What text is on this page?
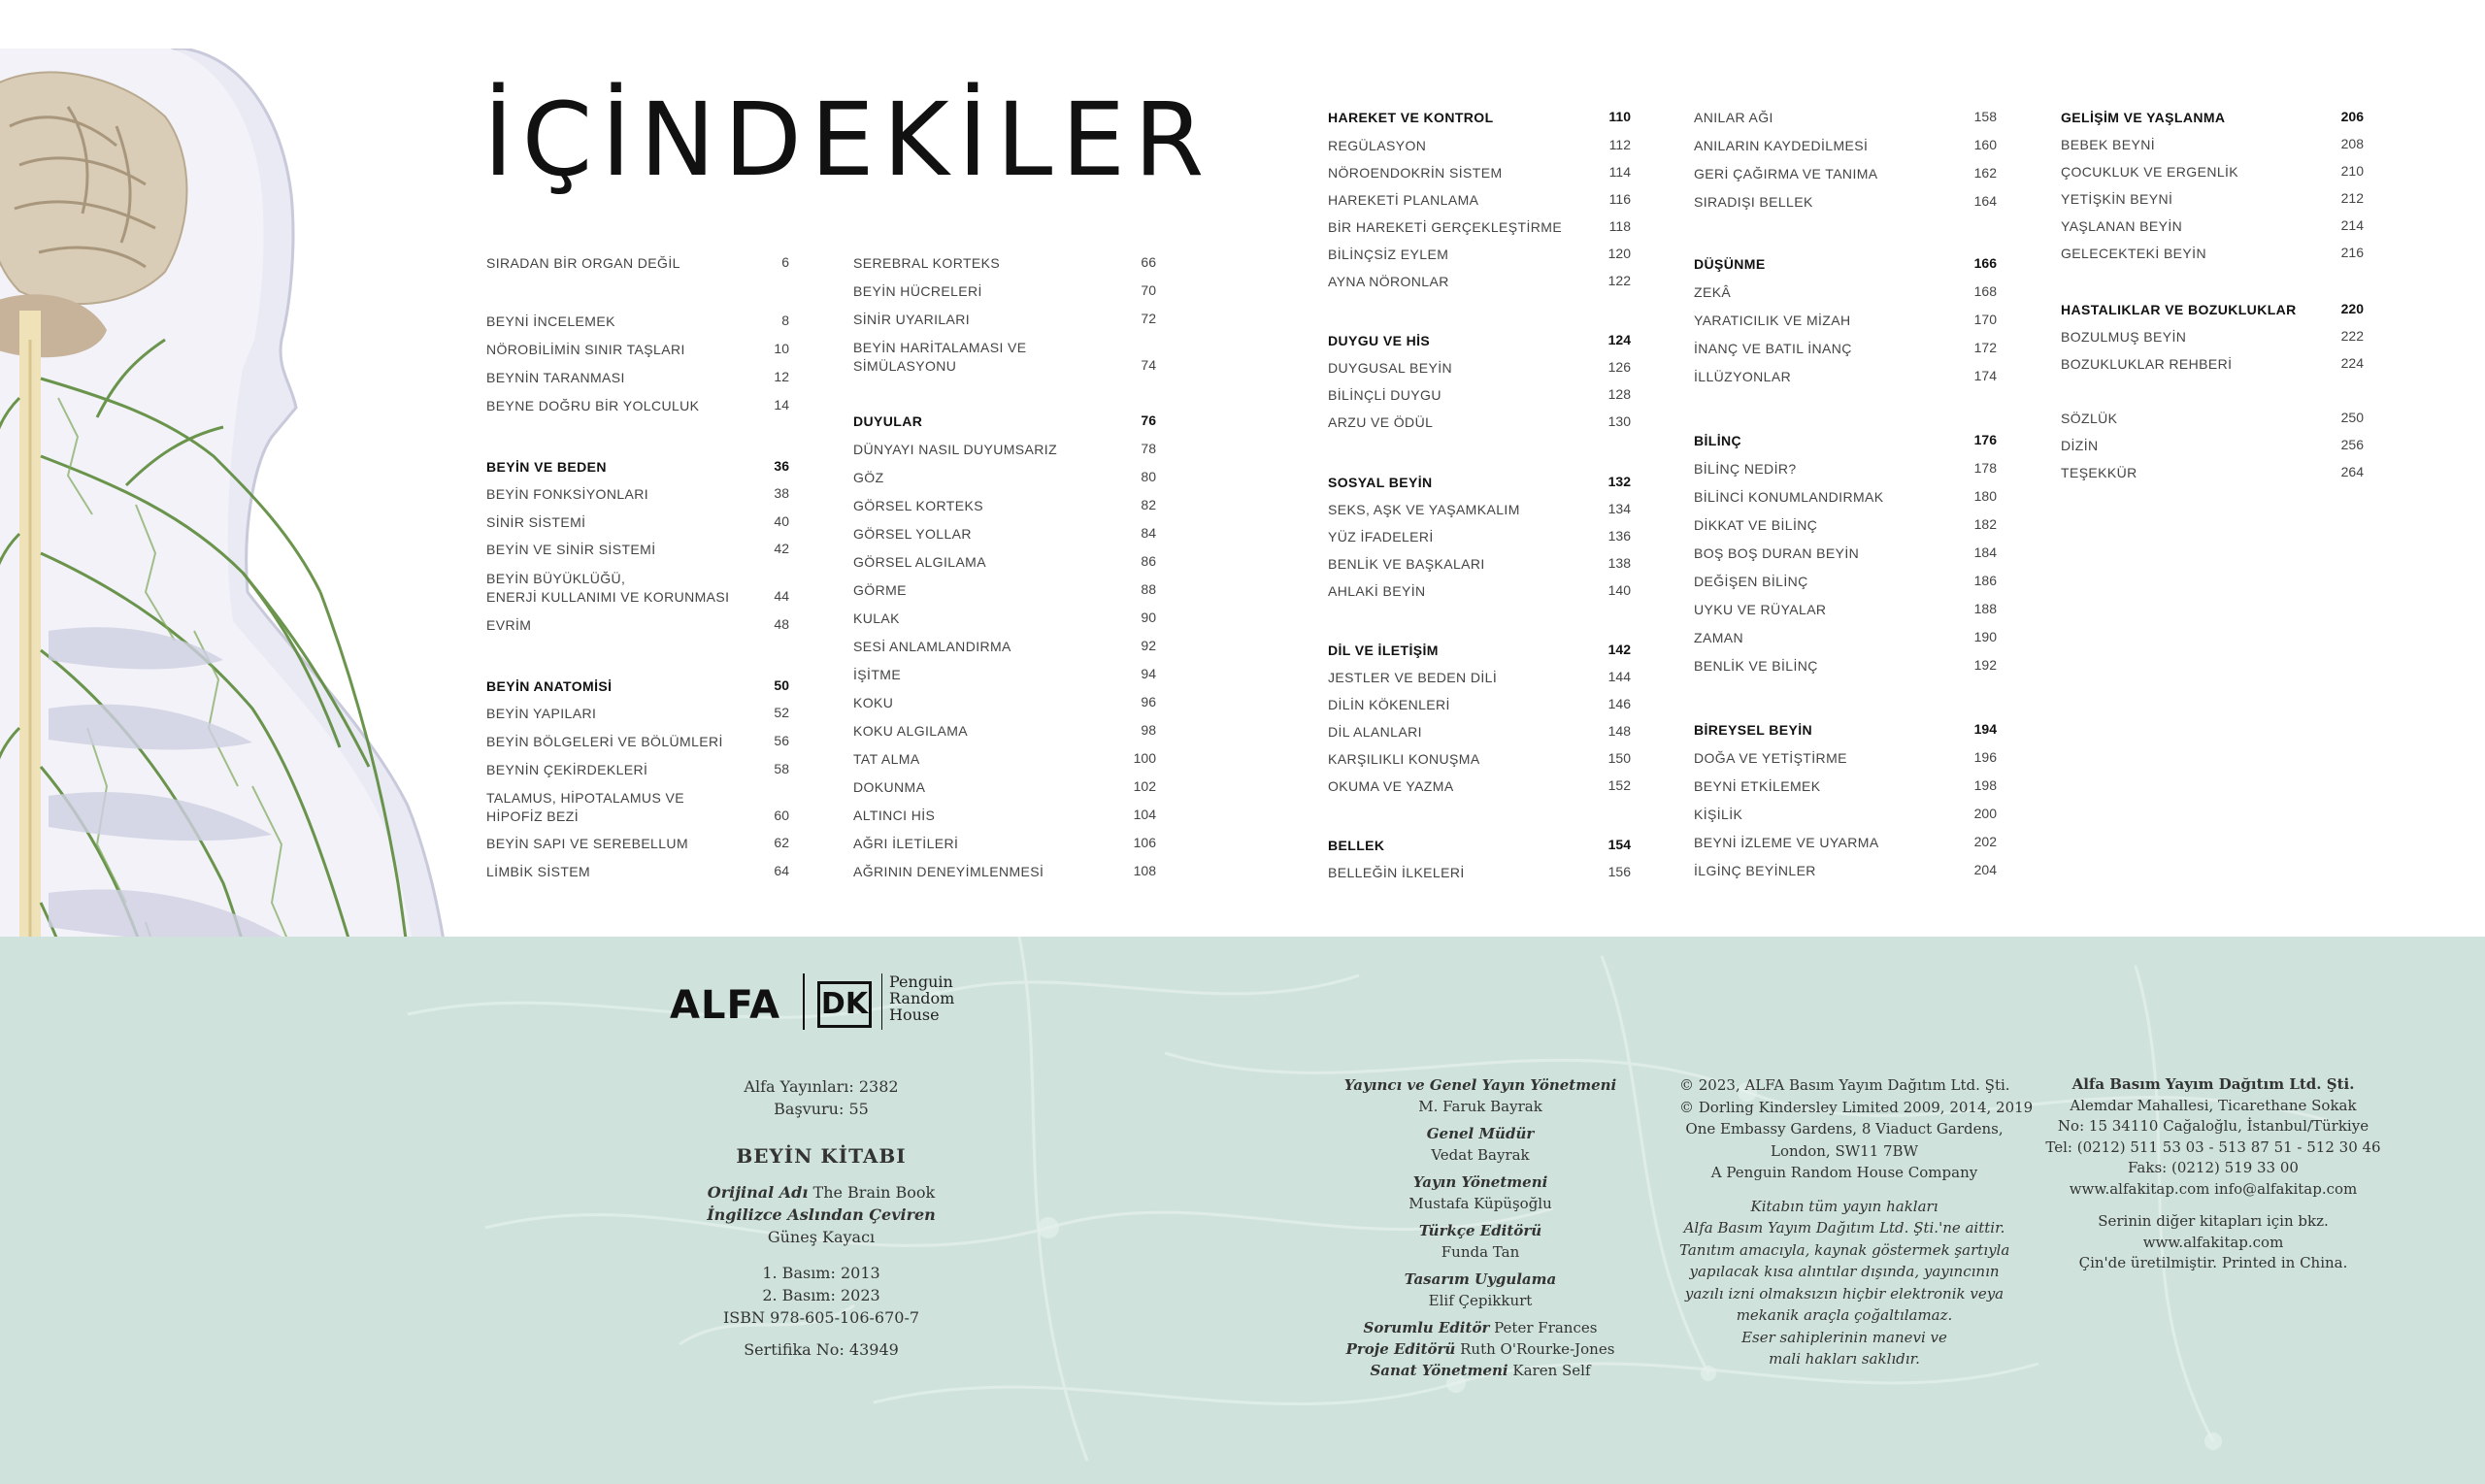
İÇİNDEKİLER
SIRADAN BİR ORGAN DEĞİL	6
BEYNİ İNCELEMEK	8
NÖROBİLİMİN SINIR TAŞLARI	10
BEYNİN TARANMASI	12
BEYNE DOĞRU BİR YOLCULUK	14
BEYİN VE BEDEN	36
BEYİN FONKSİYONLARI	38
SİNİR SİSTEMİ	40
BEYİN VE SİNİR SİSTEMİ	42
BEYİN BÜYÜKLÜĞÜ,
ENERJİ KULLANIMI VE KORUNMASI	44
EVRİM	48
BEYİN ANATOMİSİ	50
BEYİN YAPILARI	52
BEYİN BÖLGELERİ VE BÖLÜMLERİ	56
BEYNİN ÇEKİRDEKLERİ	58
TALAMUS, HİPOTALAMUS VE
HİPOFİZ BEZİ	60
BEYİN SAPI VE SEREBELLUM	62
LİMBİK SİSTEM	64
SEREBRAL KORTEKS	66
BEYİN HÜCRELERİ	70
SİNİR UYARILARI	72
BEYİN HARİTALAMASI VE
SİMÜLASYONU	74
DUYULAR	76
DÜNYAYI NASIL DUYUMSARIZ	78
GÖZ	80
GÖRSEL KORTEKS	82
GÖRSEL YOLLAR	84
GÖRSEL ALGILAMA	86
GÖRME	88
KULAK	90
SESİ ANLAMLANDIRMA	92
İŞİTME	94
KOKU	96
KOKU ALGILAMA	98
TAT ALMA	100
DOKUNMA	102
ALTINCI HİS	104
AĞRI İLETİLERİ	106
AĞRININ DENEYİMLENMESİ	108
HAREKET VE KONTROL	110
REGÜLASYON	112
NÖROENDOKRİN SİSTEM	114
HAREKETİ PLANLAMA	116
BİR HAREKETİ GERÇEKLEŞTİRME	118
BİLİNÇSİZ EYLEM	120
AYNA NÖRONLAR	122
DUYGU VE HİS	124
DUYGUSAL BEYİN	126
BİLİNÇLİ DUYGU	128
ARZU VE ÖDÜL	130
SOSYAL BEYİN	132
SEKS, AŞK VE YAŞAMKALIM	134
YÜZ İFADELERİ	136
BENLİK VE BAŞKALARI	138
AHLAKİ BEYİN	140
DİL VE İLETİŞİM	142
JESTLER VE BEDEN DİLİ	144
DİLİN KÖKENLERİ	146
DİL ALANLARI	148
KARŞILIKLI KONUŞMA	150
OKUMA VE YAZMA	152
BELLEK	154
BELLEĞİN İLKELERİ	156
ANILAR AĞI	158
ANILARIN KAYDEDİLMESİ	160
GERİ ÇAĞIRMA VE TANIMA	162
SIRADIŞI BELLEK	164
DÜŞÜNME	166
ZEKÂ	168
YARATICILIK VE MİZAH	170
İNANÇ VE BATIL İNANÇ	172
İLLÜZYONLAR	174
BİLİNÇ	176
BİLİNÇ NEDİR?	178
BİLİNCİ KONUMLANDIRMAK	180
DİKKAT VE BİLİNÇ	182
BOŞ BOŞ DURAN BEYİN	184
DEĞİŞEN BİLİNÇ	186
UYKU VE RÜYALAR	188
ZAMAN	190
BENLİK VE BİLİNÇ	192
BİREYSEL BEYİN	194
DOĞA VE YETİŞTİRME	196
BEYNİ ETKİLEMEK	198
KİŞİLİK	200
BEYNİ İZLEME VE UYARMA	202
İLGİNÇ BEYİNLER	204
GELİŞİM VE YAŞLANMA	206
BEBEK BEYNİ	208
ÇOCUKLUK VE ERGENLİK	210
YETİŞKİN BEYNİ	212
YAŞLANAN BEYİN	214
GELECEKTEKİ BEYİN	216
HASTALIKLAR VE BOZUKLUKLAR	220
BOZULMUŞ BEYİN	222
BOZUKLUKLAR REHBERİ	224
SÖZLÜK	250
DİZİN	256
TEŞEKKÜR	264
ALFA DK
Penguin
Random
House
Alfa Yayınları: 2382
Başvuru: 55
BEYİN KİTABI
Orijinal Adı The Brain Book
İngilizce Aslından Çeviren
Güneş Kayacı
1. Basım: 2013
2. Basım: 2023
ISBN 978-605-106-670-7
Sertifika No: 43949
Yayıncı ve Genel Yayın Yönetmeni
M. Faruk Bayrak
Genel Müdür
Vedat Bayrak
Yayın Yönetmeni
Mustafa Küpüşoğlu
Türkçe Editörü
Funda Tan
Tasarım Uygulama
Elif Çepikkurt
Sorumlu Editör Peter Frances
Proje Editörü Ruth O'Rourke-Jones
Sanat Yönetmeni Karen Self
© 2023, ALFA Basım Yayım Dağıtım Ltd. Şti.
© Dorling Kindersley Limited 2009, 2014, 2019
One Embassy Gardens, 8 Viaduct Gardens,
London, SW11 7BW
A Penguin Random House Company
Kitabın tüm yayın hakları
Alfa Basım Yayım Dağıtım Ltd. Şti.'ne aittir.
Tanıtım amacıyla, kaynak göstermek şartıyla
yapılacak kısa alıntılar dışında, yayıncının
yazılı izni olmaksızın hiçbir elektronik veya
mekanik araçla çoğaltılamaz.
Eser sahiplerinin manevi ve
mali hakları saklıdır.
Alfa Basım Yayım Dağıtım Ltd. Şti.
Alemdar Mahallesi, Ticarethane Sokak
No: 15 34110 Cağaloğlu, İstanbul/Türkiye
Tel: (0212) 511 53 03 - 513 87 51 - 512 30 46
Faks: (0212) 519 33 00
www.alfakitap.com info@alfakitap.com
Serinin diğer kitapları için bkz.
www.alfakitap.com
Çin'de üretilmiştir. Printed in China.
